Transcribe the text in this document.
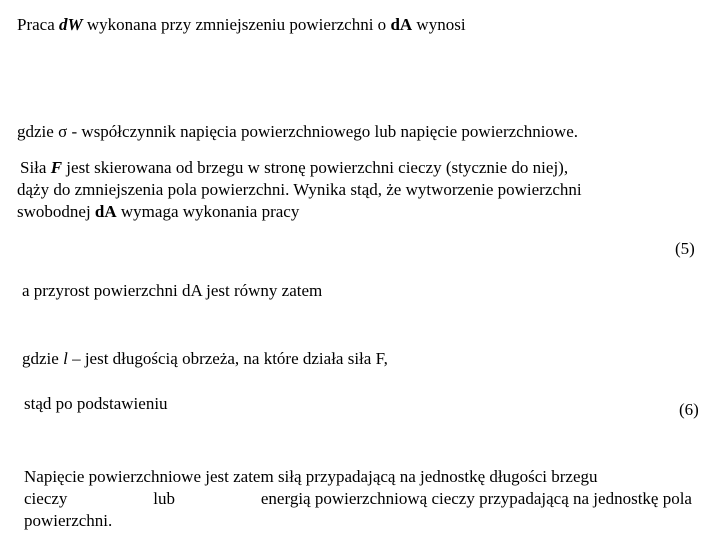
Praca dW wykonana przy zmniejszeniu powierzchni o dA wynosi
gdzie σ - współczynnik napięcia powierzchniowego lub napięcie powierzchniowe.
Siła F jest skierowana od brzegu w stronę powierzchni cieczy (stycznie do niej),
dąży do zmniejszenia pola powierzchni. Wynika stąd, że wytworzenie powierzchni
swobodnej dA wymaga wykonania pracy
(5)
a przyrost powierzchni dA jest równy zatem
gdzie l – jest długością obrzeża, na które działa siła F,
stąd po podstawieniu	(6)
Napięcie powierzchniowe jest zatem siłą przypadającą na jednostkę długości brzegu
cieczy	lub	energią powierzchniową cieczy przypadającą na jednostkę pola
powierzchni.
